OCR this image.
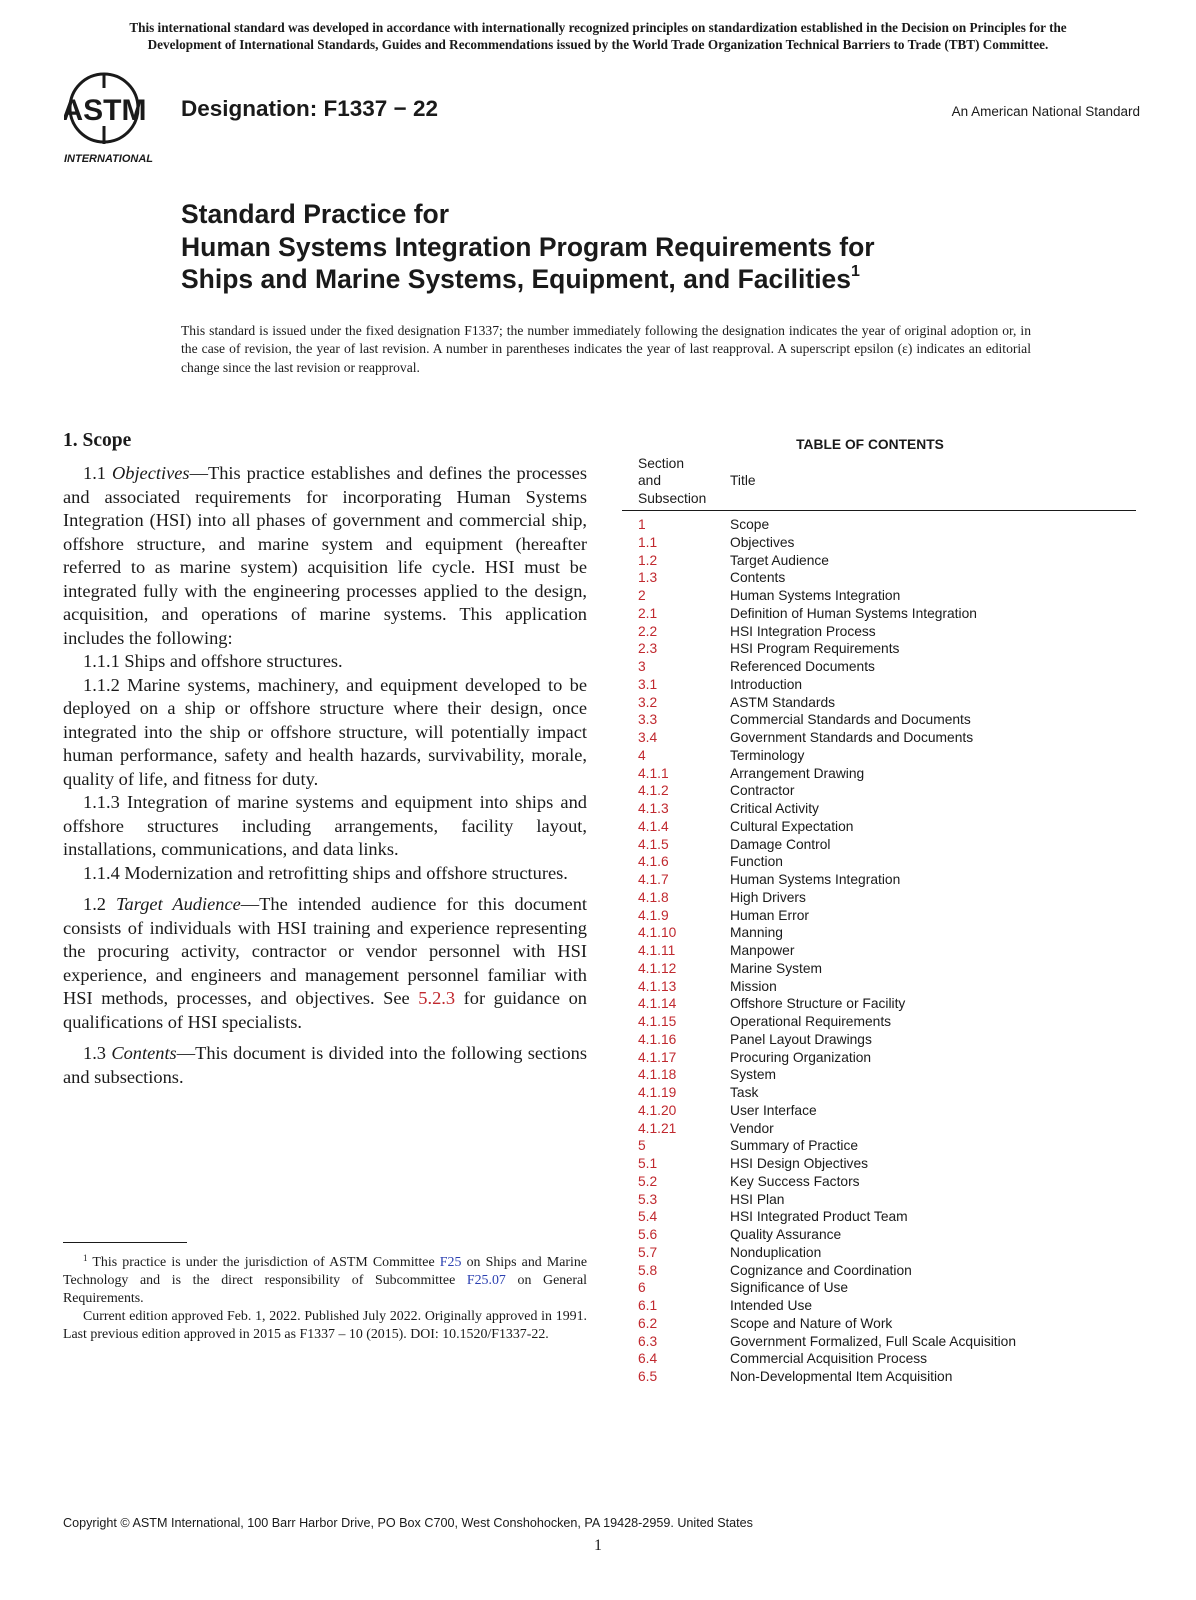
This international standard was developed in accordance with internationally recognized principles on standardization established in the Decision on Principles for the
Development of International Standards, Guides and Recommendations issued by the World Trade Organization Technical Barriers to Trade (TBT) Committee.
ASTM
INTERNATIONAL
Designation: F1337 − 22	An American National Standard
Standard Practice for
Human Systems Integration Program Requirements for
Ships and Marine Systems, Equipment, and Facilities$^1$
This standard is issued under the fixed designation F1337; the number immediately following the designation indicates the year of original adoption or, in the case of revision, the year of last revision. A number in parentheses indicates the year of last reapproval. A superscript epsilon (ε) indicates an editorial change since the last revision or reapproval.
1. Scope

1.1 Objectives—This practice establishes and defines the processes and associated requirements for incorporating Human Systems Integration (HSI) into all phases of government and commercial ship, offshore structure, and marine system and equipment (hereafter referred to as marine system) acquisition life cycle. HSI must be integrated fully with the engineering processes applied to the design, acquisition, and operations of marine systems. This application includes the following:

1.1.1 Ships and offshore structures.

1.1.2 Marine systems, machinery, and equipment developed to be deployed on a ship or offshore structure where their design, once integrated into the ship or offshore structure, will potentially impact human performance, safety and health hazards, survivability, morale, quality of life, and fitness for duty.

1.1.3 Integration of marine systems and equipment into ships and offshore structures including arrangements, facility layout, installations, communications, and data links.

1.1.4 Modernization and retrofitting ships and offshore structures.

1.2 Target Audience—The intended audience for this document consists of individuals with HSI training and experience representing the procuring activity, contractor or vendor personnel with HSI experience, and engineers and management personnel familiar with HSI methods, processes, and objectives. See 5.2.3 for guidance on qualifications of HSI specialists.

1.3 Contents—This document is divided into the following sections and subsections.

$^1$ This practice is under the jurisdiction of ASTM Committee F25 on Ships and Marine Technology and is the direct responsibility of Subcommittee F25.07 on General Requirements.

Current edition approved Feb. 1, 2022. Published July 2022. Originally approved in 1991. Last previous edition approved in 2015 as F1337 – 10 (2015). DOI: 10.1520/F1337-22.

TABLE OF CONTENTS
Section
and
Subsection
Title
1	Scope
1.1	Objectives
1.2	Target Audience
1.3	Contents
2	Human Systems Integration
2.1	Definition of Human Systems Integration
2.2	HSI Integration Process
2.3	HSI Program Requirements
3	Referenced Documents
3.1	Introduction
3.2	ASTM Standards
3.3	Commercial Standards and Documents
3.4	Government Standards and Documents
4	Terminology
4.1.1	Arrangement Drawing
4.1.2	Contractor
4.1.3	Critical Activity
4.1.4	Cultural Expectation
4.1.5	Damage Control
4.1.6	Function
4.1.7	Human Systems Integration
4.1.8	High Drivers
4.1.9	Human Error
4.1.10	Manning
4.1.11	Manpower
4.1.12	Marine System
4.1.13	Mission
4.1.14	Offshore Structure or Facility
4.1.15	Operational Requirements
4.1.16	Panel Layout Drawings
4.1.17	Procuring Organization
4.1.18	System
4.1.19	Task
4.1.20	User Interface
4.1.21	Vendor
5	Summary of Practice
5.1	HSI Design Objectives
5.2	Key Success Factors
5.3	HSI Plan
5.4	HSI Integrated Product Team
5.6	Quality Assurance
5.7	Nonduplication
5.8	Cognizance and Coordination
6	Significance of Use
6.1	Intended Use
6.2	Scope and Nature of Work
6.3	Government Formalized, Full Scale Acquisition
6.4	Commercial Acquisition Process
6.5	Non-Developmental Item Acquisition
Copyright © ASTM International, 100 Barr Harbor Drive, PO Box C700, West Conshohocken, PA 19428-2959. United States
1
